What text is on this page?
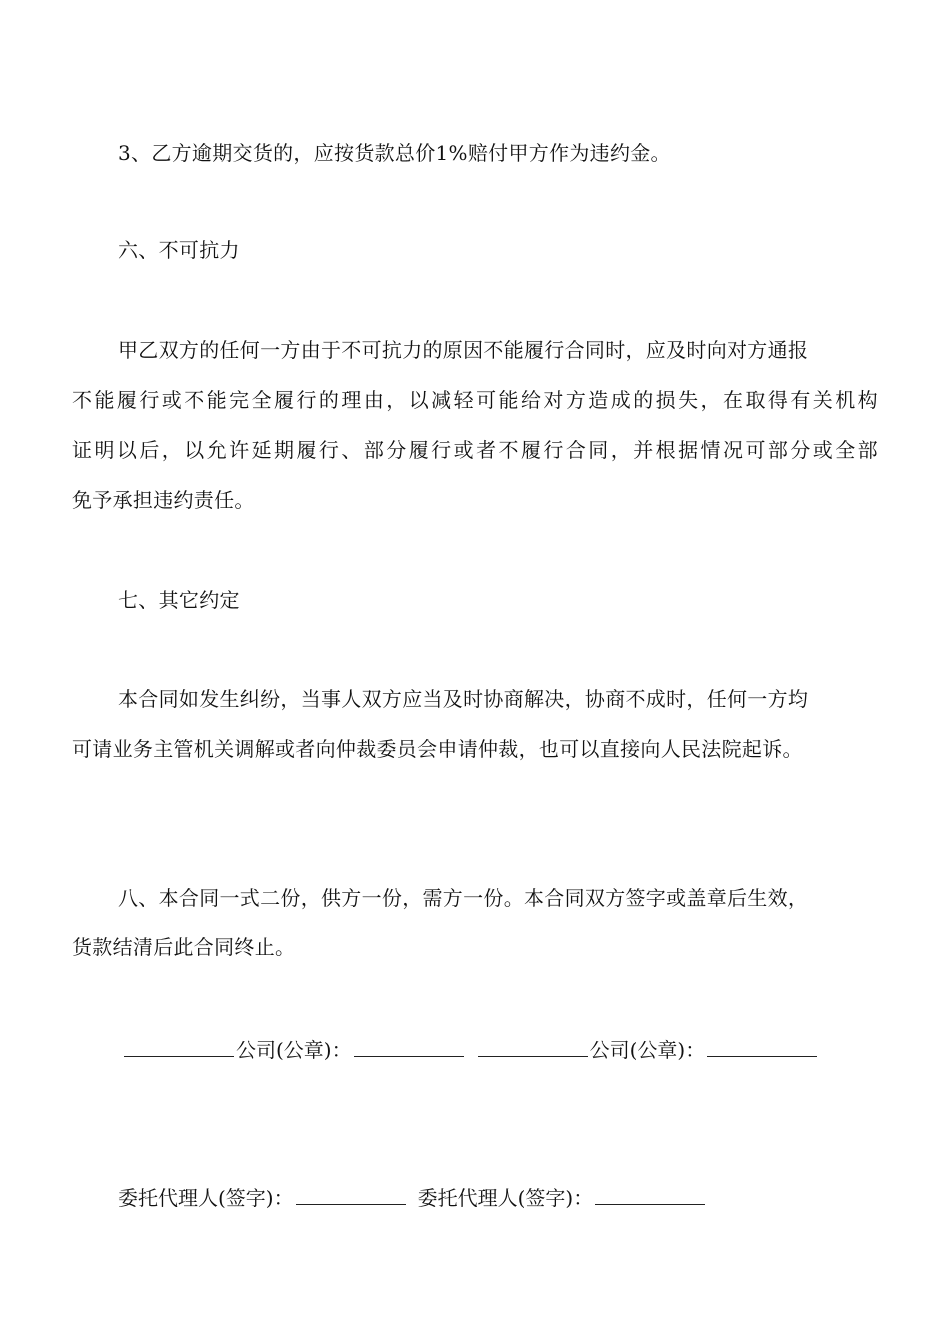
3、乙方逾期交货的，应按货款总价1%赔付甲方作为违约金。
六、不可抗力
甲乙双方的任何一方由于不可抗力的原因不能履行合同时，应及时向对方通报
不能履行或不能完全履行的理由，以减轻可能给对方造成的损失，在取得有关机构
证明以后，以允许延期履行、部分履行或者不履行合同，并根据情况可部分或全部
免予承担违约责任。
七、其它约定
本合同如发生纠纷，当事人双方应当及时协商解决，协商不成时，任何一方均
可请业务主管机关调解或者向仲裁委员会申请仲裁，也可以直接向人民法院起诉。
八、本合同一式二份，供方一份，需方一份。本合同双方签字或盖章后生效，
货款结清后此合同终止。
公司(公章)：	公司(公章)：
委托代理人(签字)：	委托代理人(签字)：
